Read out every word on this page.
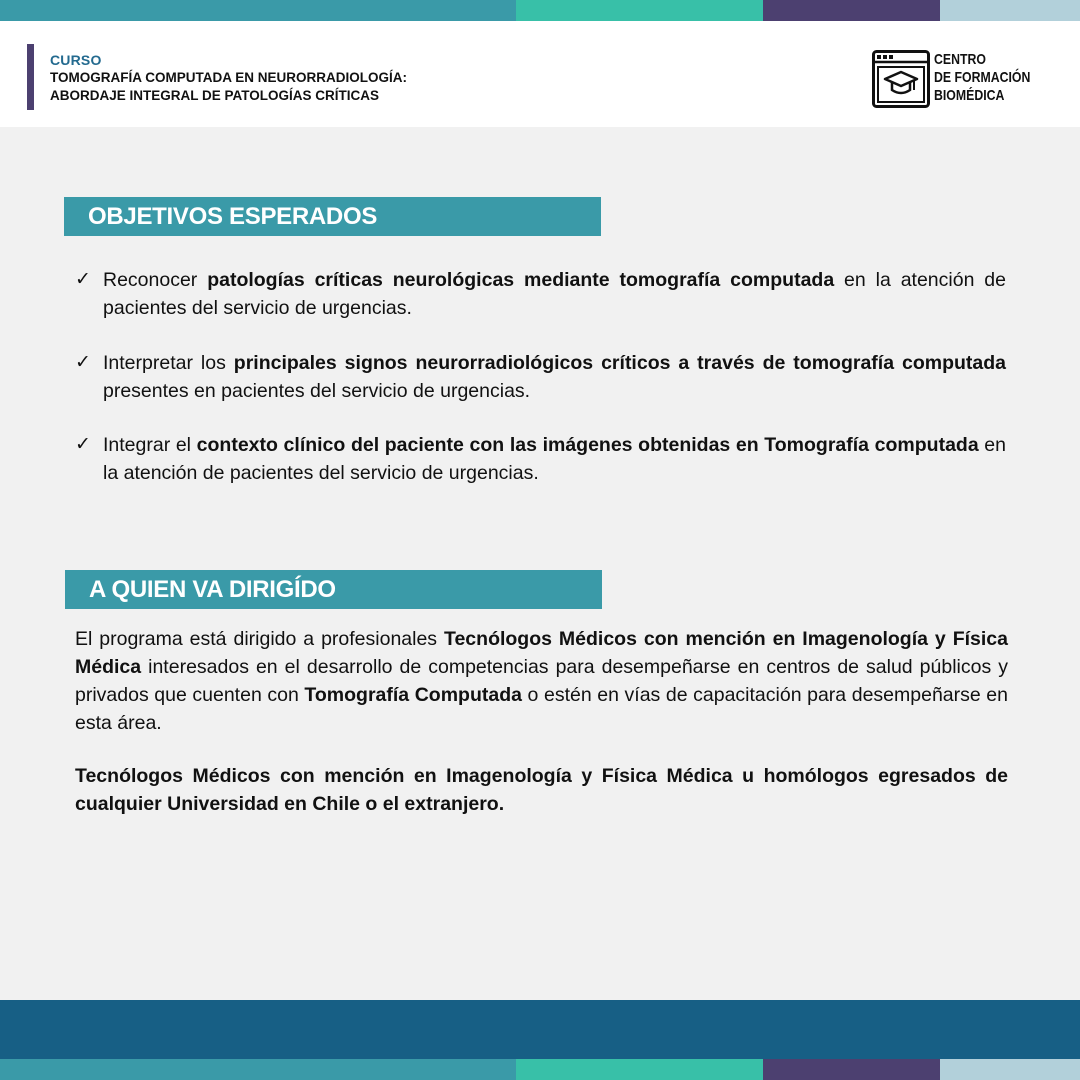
CURSO
TOMOGRAFÍA COMPUTADA EN NEURORRADIOLOGÍA:
ABORDAJE INTEGRAL DE PATOLOGÍAS CRÍTICAS
CENTRO
DE FORMACIÓN
BIOMÉDICA
OBJETIVOS ESPERADOS
✓ Reconocer patologías críticas neurológicas mediante tomografía computada en la atención de pacientes del servicio de urgencias.
✓ Interpretar los principales signos neurorradiológicos críticos a través de tomografía computada presentes en pacientes del servicio de urgencias.
✓ Integrar el contexto clínico del paciente con las imágenes obtenidas en Tomografía computada en la atención de pacientes del servicio de urgencias.
A QUIEN VA DIRIGÍDO
El programa está dirigido a profesionales Tecnólogos Médicos con mención en Imagenología y Física Médica interesados en el desarrollo de competencias para desempeñarse en centros de salud públicos y privados que cuenten con Tomografía Computada o estén en vías de capacitación para desempeñarse en esta área.
Tecnólogos Médicos con mención en Imagenología y Física Médica u homólogos egresados de cualquier Universidad en Chile o el extranjero.
